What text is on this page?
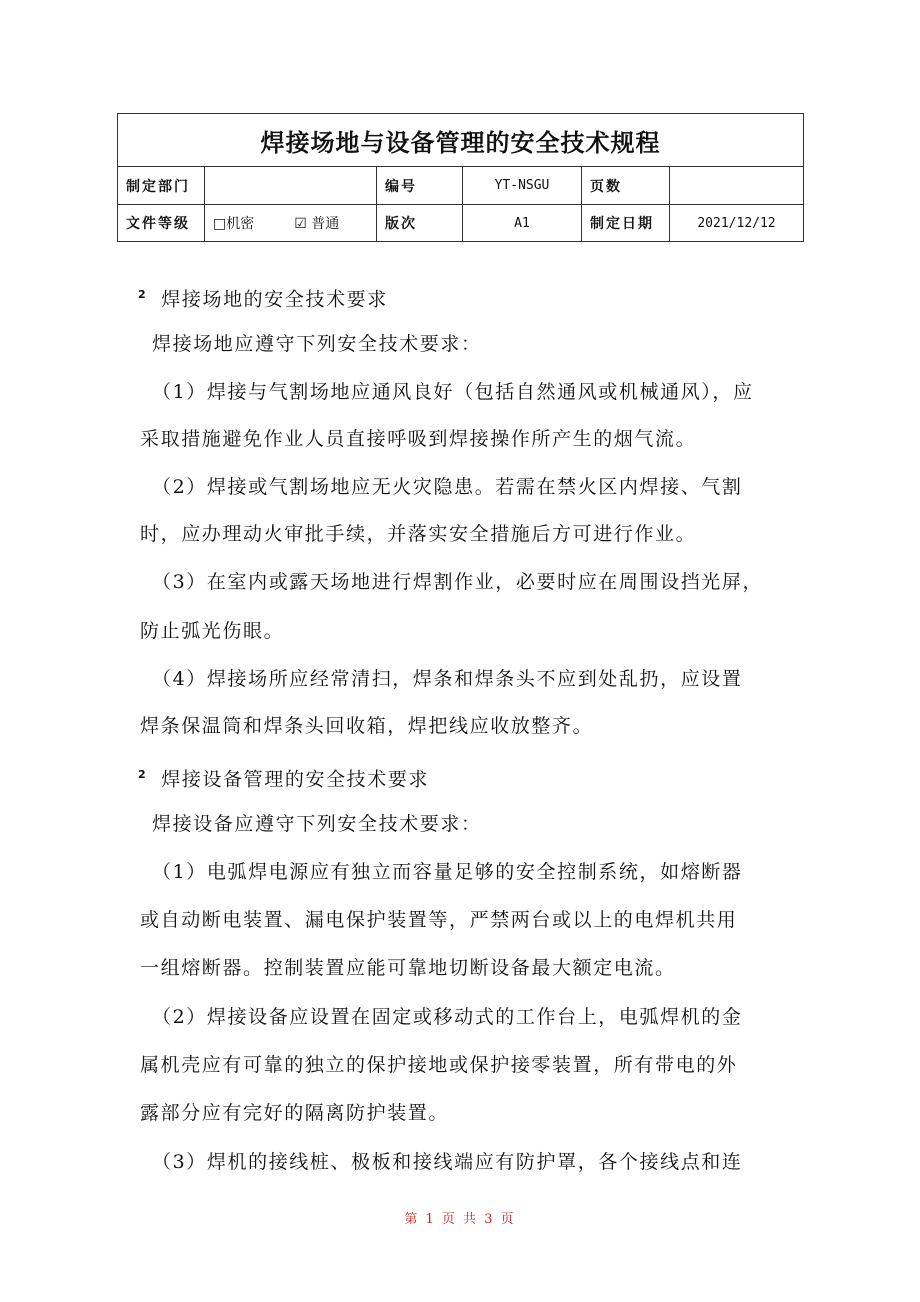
焊接场地与设备管理的安全技术规程					
制定部门		编号	YT-NSGU	页数	
文件等级	□机密 ☑ 普通	版次	A1	制定日期	2021/12/12
$^2$ 焊接场地的安全技术要求
焊接场地应遵守下列安全技术要求：
（1）焊接与气割场地应通风良好（包括自然通风或机械通风），应
采取措施避免作业人员直接呼吸到焊接操作所产生的烟气流。
（2）焊接或气割场地应无火灾隐患。若需在禁火区内焊接、气割
时，应办理动火审批手续，并落实安全措施后方可进行作业。
（3）在室内或露天场地进行焊割作业，必要时应在周围设挡光屏，
防止弧光伤眼。
（4）焊接场所应经常清扫，焊条和焊条头不应到处乱扔，应设置
焊条保温筒和焊条头回收箱，焊把线应收放整齐。
$^2$ 焊接设备管理的安全技术要求
焊接设备应遵守下列安全技术要求：
（1）电弧焊电源应有独立而容量足够的安全控制系统，如熔断器
或自动断电装置、漏电保护装置等，严禁两台或以上的电焊机共用
一组熔断器。控制装置应能可靠地切断设备最大额定电流。
（2）焊接设备应设置在固定或移动式的工作台上，电弧焊机的金
属机壳应有可靠的独立的保护接地或保护接零装置，所有带电的外
露部分应有完好的隔离防护装置。
（3）焊机的接线桩、极板和接线端应有防护罩，各个接线点和连
第 1 页 共 3 页
